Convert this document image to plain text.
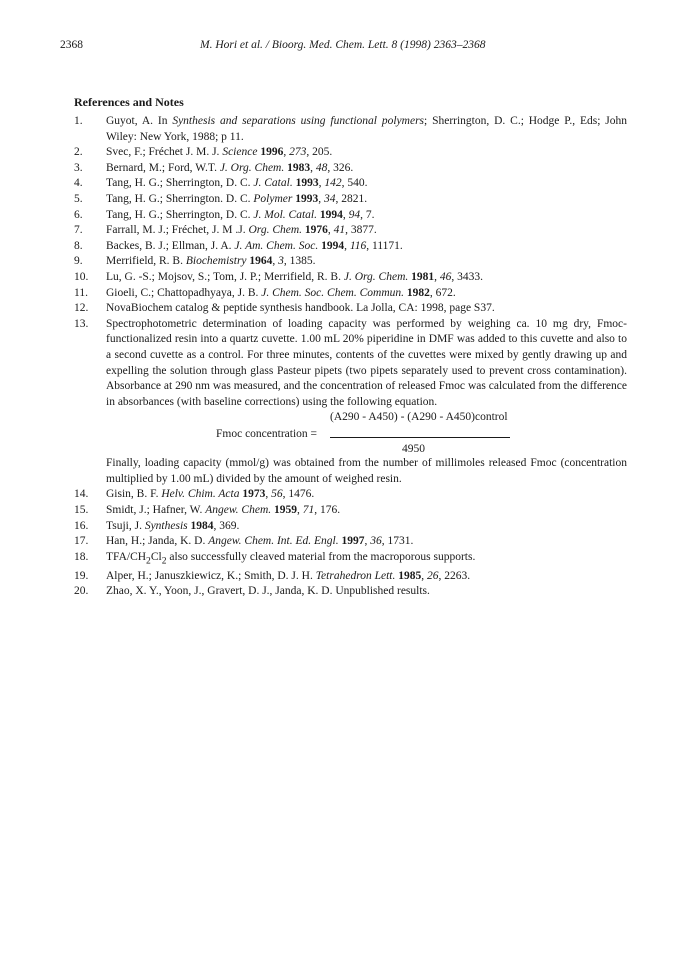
2368	M. Hori et al. / Bioorg. Med. Chem. Lett. 8 (1998) 2363–2368
References and Notes
1. Guyot, A. In Synthesis and separations using functional polymers; Sherrington, D. C.; Hodge P., Eds; John Wiley: New York, 1988; p 11.
2. Svec, F.; Fréchet J. M. J. Science 1996, 273, 205.
3. Bernard, M.; Ford, W.T. J. Org. Chem. 1983, 48, 326.
4. Tang, H. G.; Sherrington, D. C. J. Catal. 1993, 142, 540.
5. Tang, H. G.; Sherrington. D. C. Polymer 1993, 34, 2821.
6. Tang, H. G.; Sherrington, D. C. J. Mol. Catal. 1994, 94, 7.
7. Farrall, M. J.; Fréchet, J. M .J. Org. Chem. 1976, 41, 3877.
8. Backes, B. J.; Ellman, J. A. J. Am. Chem. Soc. 1994, 116, 11171.
9. Merrifield, R. B. Biochemistry 1964, 3, 1385.
10. Lu, G. -S.; Mojsov, S.; Tom, J. P.; Merrifield, R. B. J. Org. Chem. 1981, 46, 3433.
11. Gioeli, C.; Chattopadhyaya, J. B. J. Chem. Soc. Chem. Commun. 1982, 672.
12. NovaBiochem catalog & peptide synthesis handbook. La Jolla, CA: 1998, page S37.
13. Spectrophotometric determination of loading capacity was performed by weighing ca. 10 mg dry, Fmoc-functionalized resin into a quartz cuvette. 1.00 mL 20% piperidine in DMF was added to this cuvette and also to a second cuvette as a control. For three minutes, contents of the cuvettes were mixed by gently drawing up and expelling the solution through glass Pasteur pipets (two pipets separately used to prevent cross contamination). Absorbance at 290 nm was measured, and the concentration of released Fmoc was calculated from the difference in absorbances (with baseline corrections) using the following equation.
(A290 - A450) - (A290 - A450)control
Fmoc concentration =
4950
Finally, loading capacity (mmol/g) was obtained from the number of millimoles released Fmoc (concentration multiplied by 1.00 mL) divided by the amount of weighed resin.
14. Gisin, B. F. Helv. Chim. Acta 1973, 56, 1476.
15. Smidt, J.; Hafner, W. Angew. Chem. 1959, 71, 176.
16. Tsuji, J. Synthesis 1984, 369.
17. Han, H.; Janda, K. D. Angew. Chem. Int. Ed. Engl. 1997, 36, 1731.
18. TFA/$CH_2Cl_2$ also successfully cleaved material from the macroporous supports.
19. Alper, H.; Januszkiewicz, K.; Smith, D. J. H. Tetrahedron Lett. 1985, 26, 2263.
20. Zhao, X. Y., Yoon, J., Gravert, D. J., Janda, K. D. Unpublished results.
